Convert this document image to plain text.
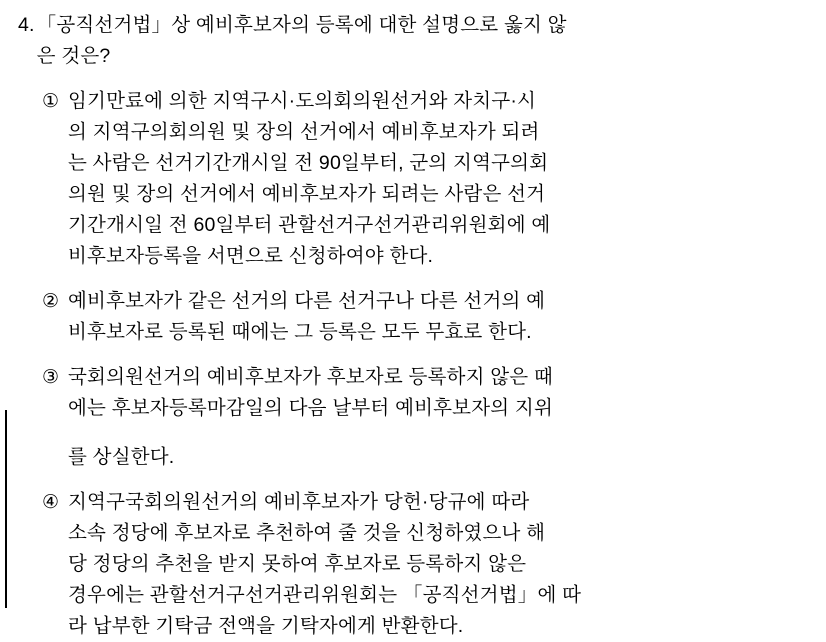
4. 「공직선거법」상 예비후보자의 등록에 대한 설명으로 옳지 않
은 것은?
① 임기만료에 의한 지역구시·도의회의원선거와 자치구·시
의 지역구의회의원 및 장의 선거에서 예비후보자가 되려
는 사람은 선거기간개시일 전 90일부터, 군의 지역구의회
의원 및 장의 선거에서 예비후보자가 되려는 사람은 선거
기간개시일 전 60일부터 관할선거구선거관리위원회에 예
비후보자등록을 서면으로 신청하여야 한다.
② 예비후보자가 같은 선거의 다른 선거구나 다른 선거의 예
비후보자로 등록된 때에는 그 등록은 모두 무효로 한다.
③ 국회의원선거의 예비후보자가 후보자로 등록하지 않은 때
에는 후보자등록마감일의 다음 날부터 예비후보자의 지위
를 상실한다.
④ 지역구국회의원선거의 예비후보자가 당헌·당규에 따라
소속 정당에 후보자로 추천하여 줄 것을 신청하였으나 해
당 정당의 추천을 받지 못하여 후보자로 등록하지 않은
경우에는 관할선거구선거관리위원회는 「공직선거법」에 따
라 납부한 기탁금 전액을 기탁자에게 반환한다.
